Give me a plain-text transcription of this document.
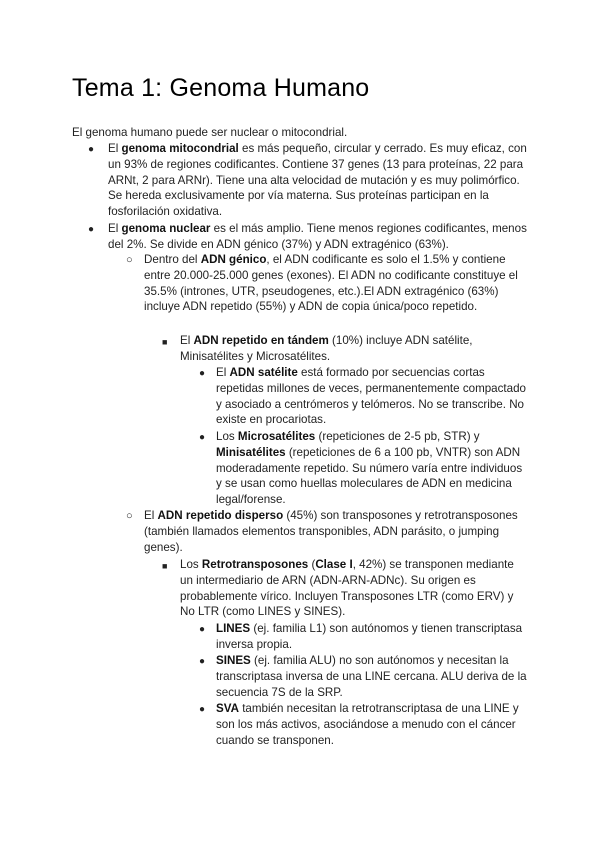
Tema 1: Genoma Humano

El genoma humano puede ser nuclear o mitocondrial.

● El genoma mitocondrial es más pequeño, circular y cerrado. Es muy eficaz, con un 93% de regiones codificantes. Contiene 37 genes (13 para proteínas, 22 para ARNt, 2 para ARNr). Tiene una alta velocidad de mutación y es muy polimórfico. Se hereda exclusivamente por vía materna. Sus proteínas participan en la fosforilación oxidativa.

● El genoma nuclear es el más amplio. Tiene menos regiones codificantes, menos del 2%. Se divide en ADN génico (37%) y ADN extragénico (63%).

○ Dentro del ADN génico, el ADN codificante es solo el 1.5% y contiene entre 20.000-25.000 genes (exones). El ADN no codificante constituye el 35.5% (intrones, UTR, pseudogenes, etc.).El ADN extragénico (63%) incluye ADN repetido (55%) y ADN de copia única/poco repetido.

■ El ADN repetido en tándem (10%) incluye ADN satélite, Minisatélites y Microsatélites.

● El ADN satélite está formado por secuencias cortas repetidas millones de veces, permanentemente compactado y asociado a centrómeros y telómeros. No se transcribe. No existe en procariotas.

● Los Microsatélites (repeticiones de 2-5 pb, STR) y Minisatélites (repeticiones de 6 a 100 pb, VNTR) son ADN moderadamente repetido. Su número varía entre individuos y se usan como huellas moleculares de ADN en medicina legal/forense.

○ El ADN repetido disperso (45%) son transposones y retrotransposones (también llamados elementos transponibles, ADN parásito, o jumping genes).

■ Los Retrotransposones (Clase I, 42%) se transponen mediante un intermediario de ARN (ADN-ARN-ADNc). Su origen es probablemente vírico. Incluyen Transposones LTR (como ERV) y No LTR (como LINES y SINES).

● LINES (ej. familia L1) son autónomos y tienen transcriptasa inversa propia.

● SINES (ej. familia ALU) no son autónomos y necesitan la transcriptasa inversa de una LINE cercana. ALU deriva de la secuencia 7S de la SRP.

● SVA también necesitan la retrotranscriptasa de una LINE y son los más activos, asociándose a menudo con el cáncer cuando se transponen.
